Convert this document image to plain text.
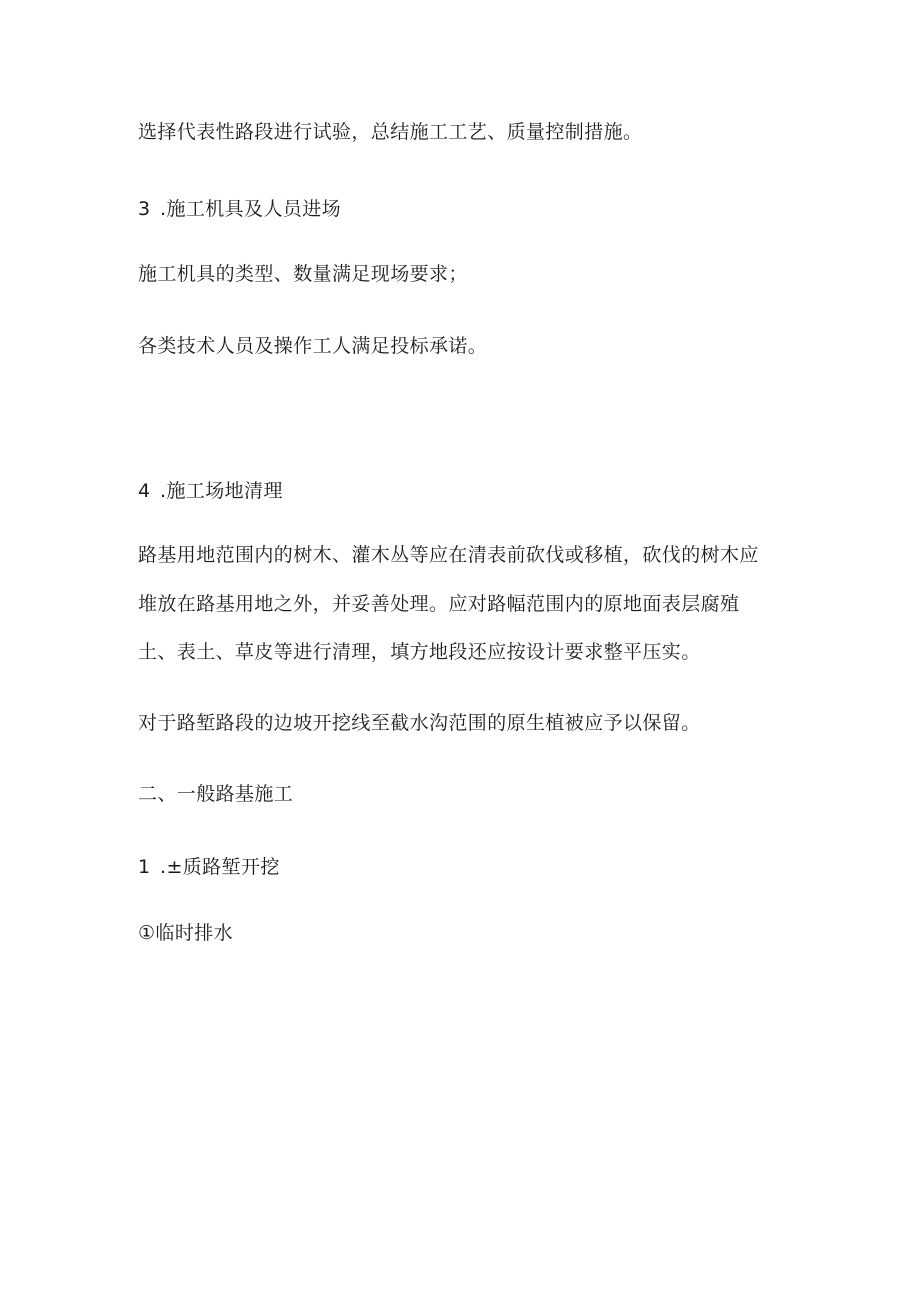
选择代表性路段进行试验，总结施工工艺、质量控制措施。
3 .施工机具及人员进场
施工机具的类型、数量满足现场要求；
各类技术人员及操作工人满足投标承诺。
4 .施工场地清理
路基用地范围内的树木、灌木丛等应在清表前砍伐或移植，砍伐的树木应
堆放在路基用地之外，并妥善处理。应对路幅范围内的原地面表层腐殖
土、表土、草皮等进行清理，填方地段还应按设计要求整平压实。
对于路堑路段的边坡开挖线至截水沟范围的原生植被应予以保留。
二、一般路基施工
1 .±质路堑开挖
①临时排水
